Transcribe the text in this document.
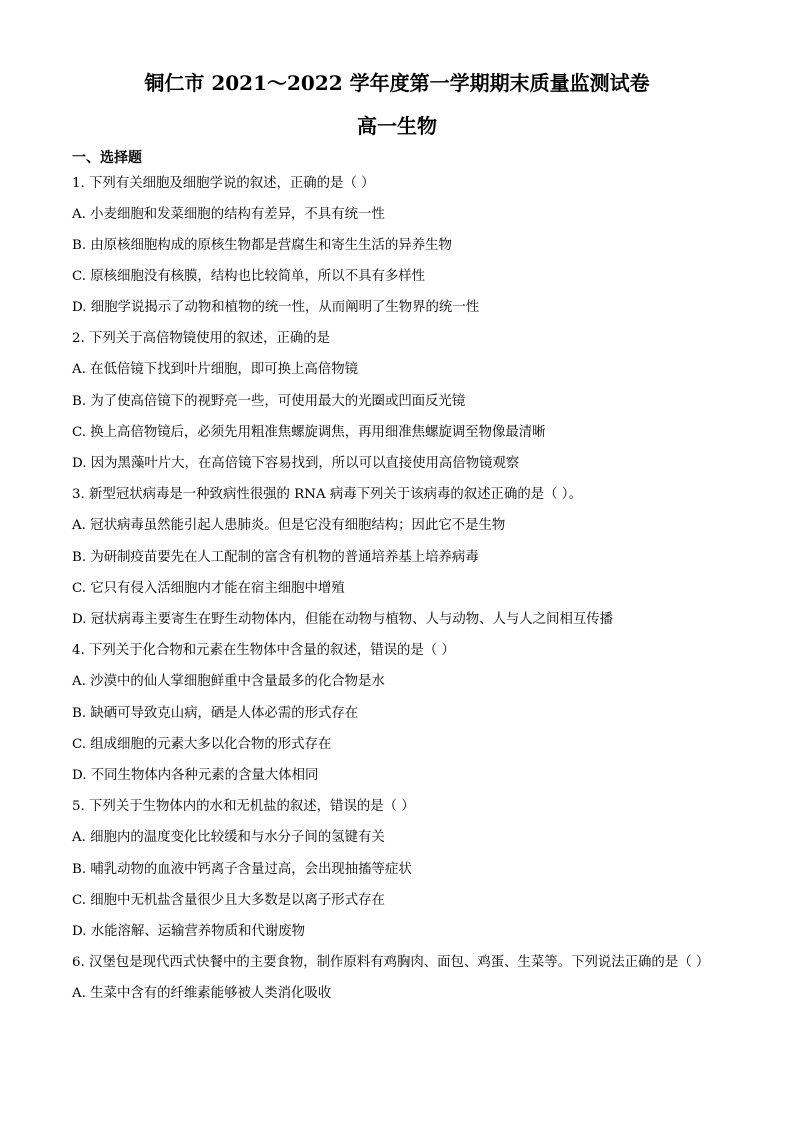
铜仁市 2021～2022 学年度第一学期期末质量监测试卷
高一生物
一、选择题
1. 下列有关细胞及细胞学说的叙述，正确的是（ ）
A. 小麦细胞和发菜细胞的结构有差异，不具有统一性
B. 由原核细胞构成的原核生物都是营腐生和寄生生活的异养生物
C. 原核细胞没有核膜，结构也比较简单，所以不具有多样性
D. 细胞学说揭示了动物和植物的统一性，从而阐明了生物界的统一性
2. 下列关于高倍物镜使用的叙述，正确的是
A. 在低倍镜下找到叶片细胞，即可换上高倍物镜
B. 为了使高倍镜下的视野亮一些，可使用最大的光圈或凹面反光镜
C. 换上高倍物镜后，必须先用粗准焦螺旋调焦，再用细准焦螺旋调至物像最清晰
D. 因为黑藻叶片大，在高倍镜下容易找到，所以可以直接使用高倍物镜观察
3. 新型冠状病毒是一种致病性很强的 RNA 病毒下列关于该病毒的叙述正确的是（ ）。
A. 冠状病毒虽然能引起人患肺炎。但是它没有细胞结构；因此它不是生物
B. 为研制疫苗要先在人工配制的富含有机物的普通培养基上培养病毒
C. 它只有侵入活细胞内才能在宿主细胞中增殖
D. 冠状病毒主要寄生在野生动物体内，但能在动物与植物、人与动物、人与人之间相互传播
4. 下列关于化合物和元素在生物体中含量的叙述，错误的是（ ）
A. 沙漠中的仙人掌细胞鲜重中含量最多的化合物是水
B. 缺硒可导致克山病，硒是人体必需的形式存在
C. 组成细胞的元素大多以化合物的形式存在
D. 不同生物体内各种元素的含量大体相同
5. 下列关于生物体内的水和无机盐的叙述，错误的是（ ）
A. 细胞内的温度变化比较缓和与水分子间的氢键有关
B. 哺乳动物的血液中钙离子含量过高，会出现抽搐等症状
C. 细胞中无机盐含量很少且大多数是以离子形式存在
D. 水能溶解、运输营养物质和代谢废物
6. 汉堡包是现代西式快餐中的主要食物，制作原料有鸡胸肉、面包、鸡蛋、生菜等。下列说法正确的是（ ）
A. 生菜中含有的纤维素能够被人类消化吸收
